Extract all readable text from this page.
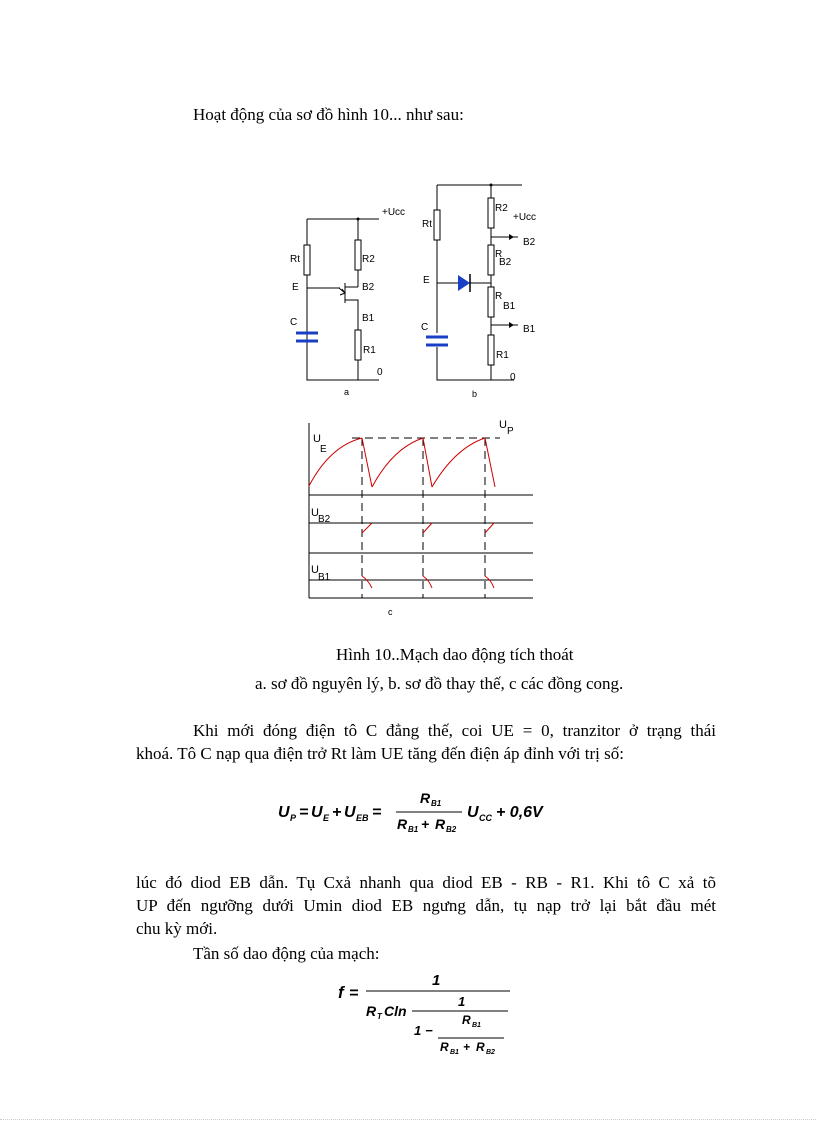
Hoạt động của sơ đồ hình 10... như sau:
+Ucc
Rt
E
C
R2
B2
B1
R1
0
a
Rt
R2
+Ucc
B2
R
B2
E
R
B1
B1
C
R1
0
b
U
E
U
P
U
B2
U
B1
c
Hình 10..Mạch dao động tích thoát
a. sơ đồ nguyên lý, b. sơ đồ thay thế, c các đồng cong.
Khi mới đóng điện tô C đẳng thế, coi UE = 0, tranzitor ở trạng thái
khoá. Tô C nạp qua điện trở Rt làm UE tăng đến điện áp đỉnh với trị số:
U P = U E + U EB =
R B1
R B1 + R B2
U CC + 0,6V
lúc đó diod EB dẫn. Tụ Cxả nhanh qua diod EB - RB - R1. Khi tô C xả tõ
UP đến ngưỡng dưới Umin diod EB ngưng dẫn, tụ nạp trở lại bắt đầu mét
chu kỳ mới.
Tần số dao động của mạch:
f =
1
R T Cln
1
1 −
R B1
R B1 + R B2
